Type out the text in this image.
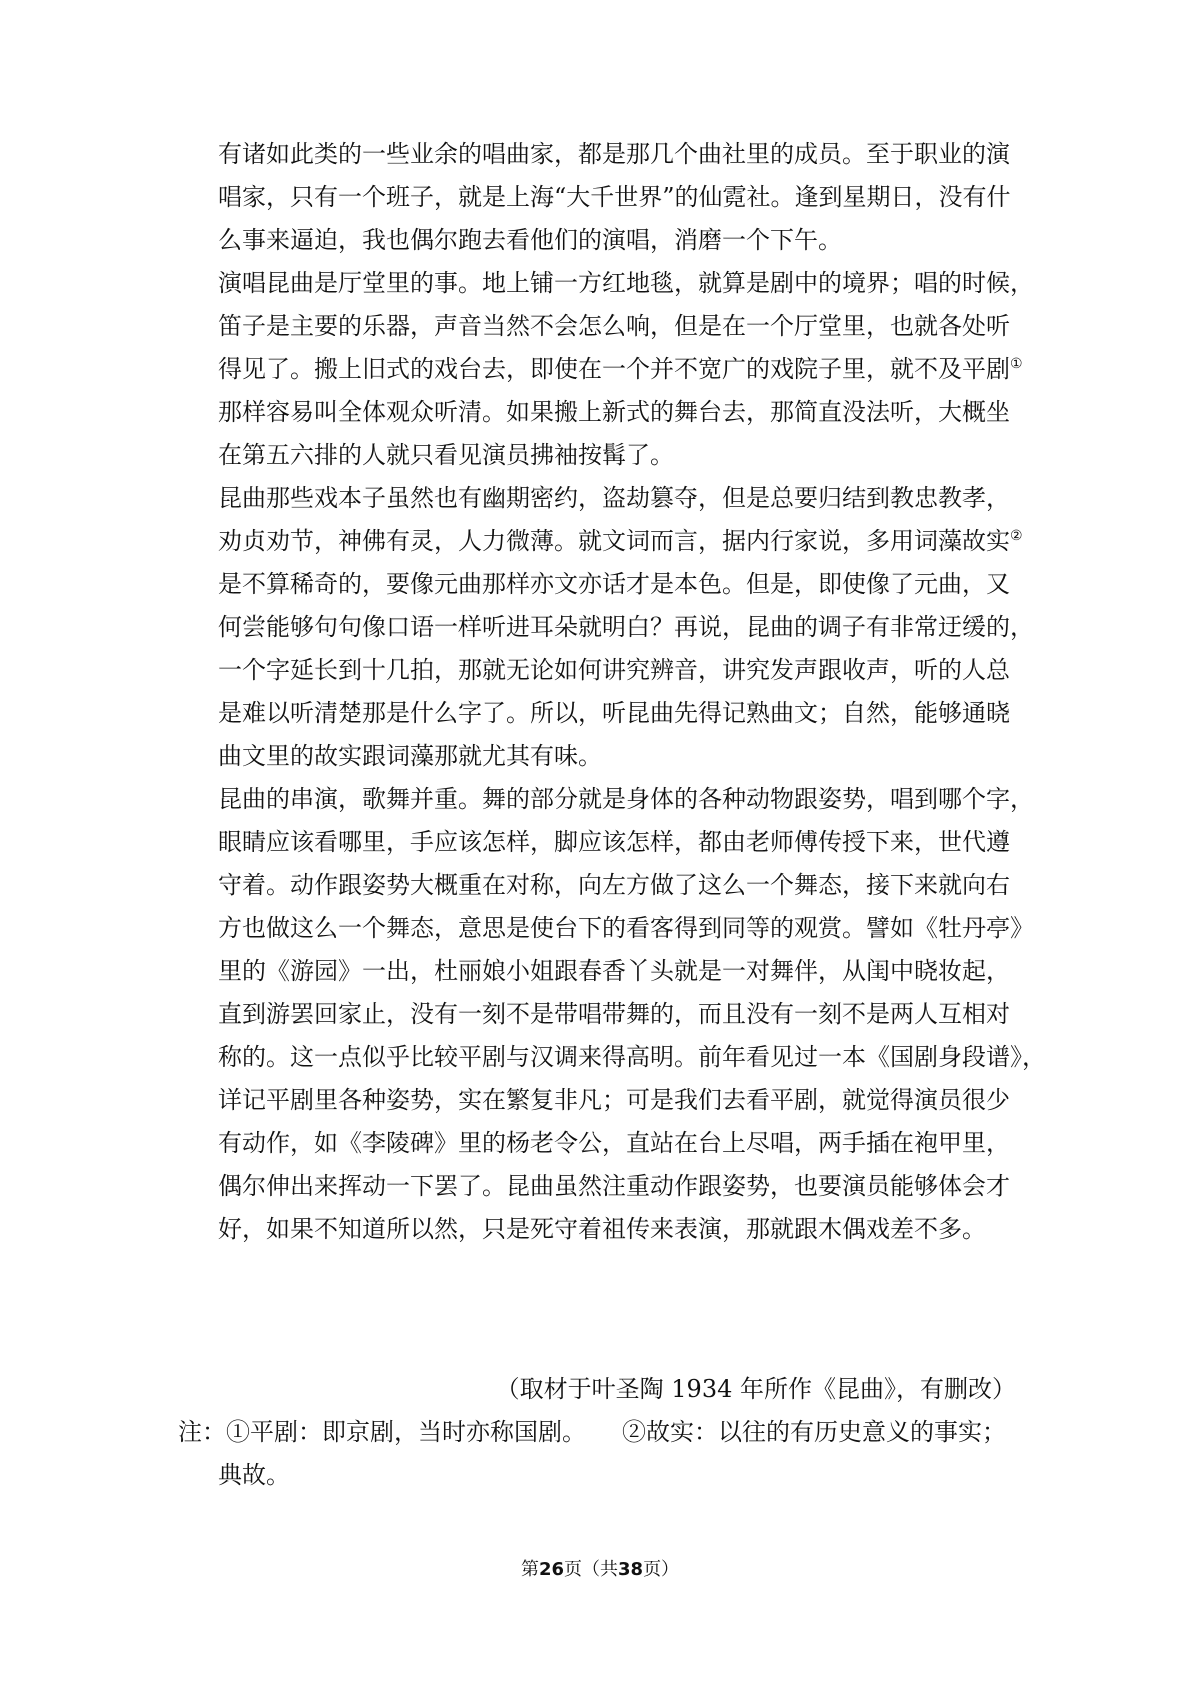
有诸如此类的一些业余的唱曲家，都是那几个曲社里的成员。至于职业的演
唱家，只有一个班子，就是上海“大千世界”的仙霓社。逢到星期日，没有什
么事来逼迫，我也偶尔跑去看他们的演唱，消磨一个下午。
演唱昆曲是厅堂里的事。地上铺一方红地毯，就算是剧中的境界；唱的时候，
笛子是主要的乐器，声音当然不会怎么响，但是在一个厅堂里，也就各处听
得见了。搬上旧式的戏台去，即使在一个并不宽广的戏院子里，就不及平剧①
那样容易叫全体观众听清。如果搬上新式的舞台去，那简直没法听，大概坐
在第五六排的人就只看见演员拂袖按髯了。
昆曲那些戏本子虽然也有幽期密约，盗劫篡夺，但是总要归结到教忠教孝，
劝贞劝节，神佛有灵，人力微薄。就文词而言，据内行家说，多用词藻故实②
是不算稀奇的，要像元曲那样亦文亦话才是本色。但是，即使像了元曲，又
何尝能够句句像口语一样听进耳朵就明白？再说，昆曲的调子有非常迂缓的，
一个字延长到十几拍，那就无论如何讲究辨音，讲究发声跟收声，听的人总
是难以听清楚那是什么字了。所以，听昆曲先得记熟曲文；自然，能够通晓
曲文里的故实跟词藻那就尤其有味。
昆曲的串演，歌舞并重。舞的部分就是身体的各种动物跟姿势，唱到哪个字，
眼睛应该看哪里，手应该怎样，脚应该怎样，都由老师傅传授下来，世代遵
守着。动作跟姿势大概重在对称，向左方做了这么一个舞态，接下来就向右
方也做这么一个舞态，意思是使台下的看客得到同等的观赏。譬如《牡丹亭》
里的《游园》一出，杜丽娘小姐跟春香丫头就是一对舞伴，从闺中晓妆起，
直到游罢回家止，没有一刻不是带唱带舞的，而且没有一刻不是两人互相对
称的。这一点似乎比较平剧与汉调来得高明。前年看见过一本《国剧身段谱》，
详记平剧里各种姿势，实在繁复非凡；可是我们去看平剧，就觉得演员很少
有动作，如《李陵碑》里的杨老令公，直站在台上尽唱，两手插在袍甲里，
偶尔伸出来挥动一下罢了。昆曲虽然注重动作跟姿势，也要演员能够体会才
好，如果不知道所以然，只是死守着祖传来表演，那就跟木偶戏差不多。
（取材于叶圣陶 1934 年所作《昆曲》，有删改）
注：①平剧：即京剧，当时亦称国剧。　　②故实：以往的有历史意义的事实；
典故。
第26页（共38页）
